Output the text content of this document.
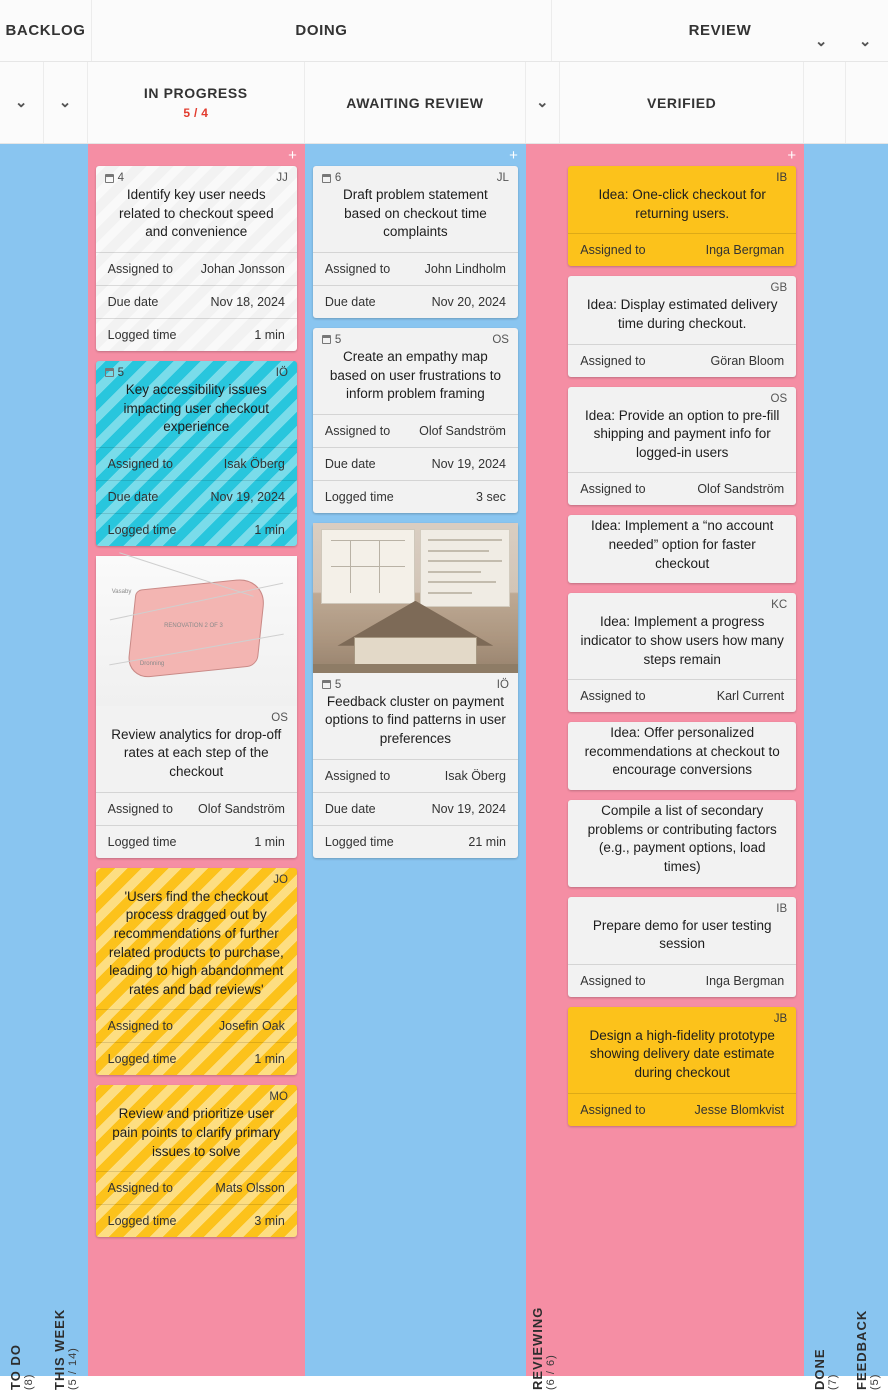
BACKLOG	DOING	REVIEW
⌄ ⌄
⌄ ⌄
IN PROGRESS
5 / 4
AWAITING REVIEW	⌄	VERIFIED
TO DO (8) THIS WEEK (5 / 14)
+
4	JJ
Identify key user needs related to checkout speed and convenience
Assigned to Johan Jonsson
Due date	Nov 18, 2024
Logged time	1 min
5	IÖ
Key accessibility issues impacting user checkout experience
Assigned to	Isak Öberg
Due date	Nov 19, 2024
Logged time	1 min
Vasaby
RENOVATION 2 OF 3
Dronning
OS
Review analytics for drop-off rates at each step of the checkout
Assigned to Olof Sandström
Logged time	1 min
JO
'Users find the checkout process dragged out by recommendations of further related products to purchase, leading to high abandonment rates and bad reviews'
Assigned to	Josefin Oak
Logged time	1 min
MO
Review and prioritize user pain points to clarify primary issues to solve
Assigned to	Mats Olsson
Logged time	3 min
+
6	JL
Draft problem statement based on checkout time complaints
Assigned to	John Lindholm
Due date	Nov 20, 2024
5	OS
Create an empathy map based on user frustrations to inform problem framing
Assigned to Olof Sandström
Due date	Nov 19, 2024
Logged time	3 sec
5	IÖ
Feedback cluster on payment options to find patterns in user preferences
Assigned to	Isak Öberg
Due date	Nov 19, 2024
Logged time	21 min
REVIEWING (6 / 6)
+
IB
Idea: One-click checkout for returning users.
Assigned to	Inga Bergman
GB
Idea: Display estimated delivery time during checkout.
Assigned to	Göran Bloom
OS
Idea: Provide an option to pre-fill shipping and payment info for logged-in users
Assigned to	Olof Sandström
Idea: Implement a “no account needed” option for faster checkout
KC
Idea: Implement a progress indicator to show users how many steps remain
Assigned to	Karl Current
Idea: Offer personalized recommendations at checkout to encourage conversions
Compile a list of secondary problems or contributing factors (e.g., payment options, load times)
IB
Prepare demo for user testing session
Assigned to	Inga Bergman
JB
Design a high-fidelity prototype showing delivery date estimate during checkout
Assigned to	Jesse Blomkvist
DONE (7) FEEDBACK (5)
